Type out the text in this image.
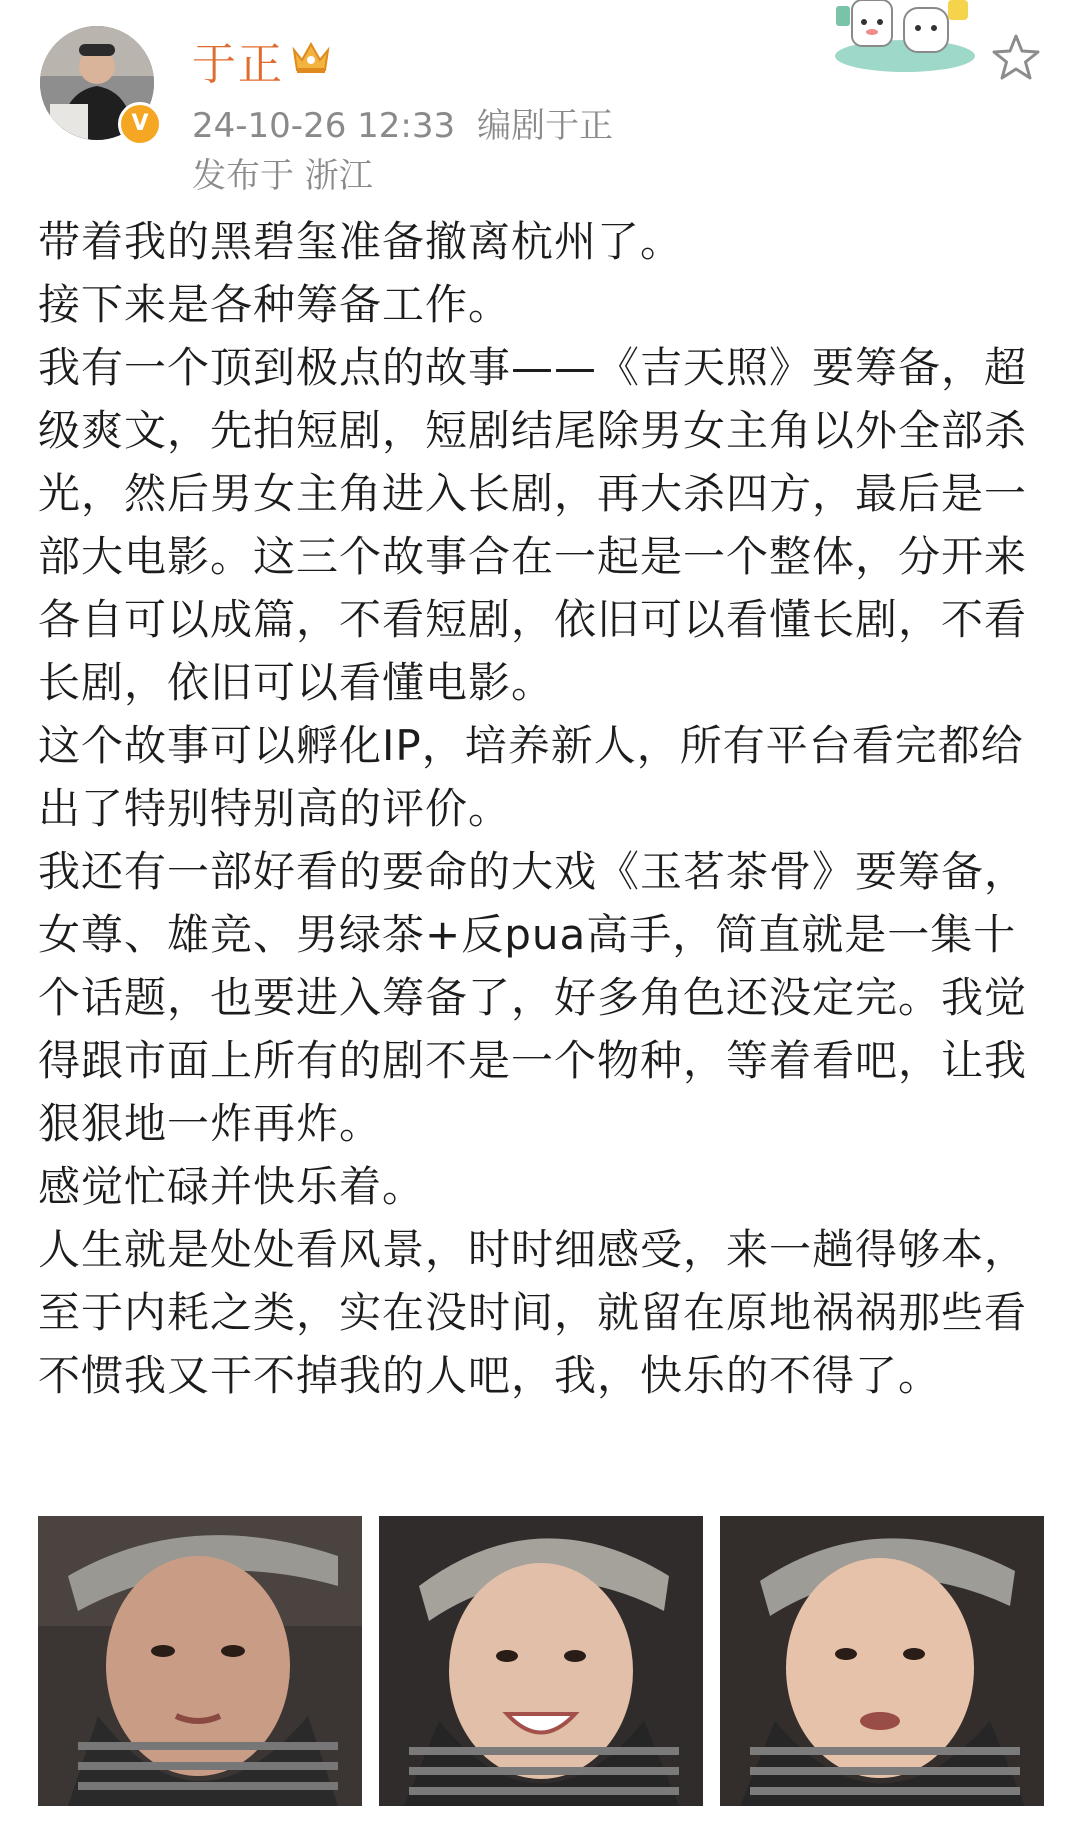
V
于正
24-10-26 12:33 编剧于正
发布于 浙江

带着我的黑碧玺准备撤离杭州了。

接下来是各种筹备工作。

我有一个顶到极点的故事——《吉天照》要筹备，超级爽文，先拍短剧，短剧结尾除男女主角以外全部杀光，然后男女主角进入长剧，再大杀四方，最后是一部大电影。这三个故事合在一起是一个整体，分开来各自可以成篇，不看短剧，依旧可以看懂长剧，不看长剧，依旧可以看懂电影。

这个故事可以孵化IP，培养新人，所有平台看完都给出了特别特别高的评价。

我还有一部好看的要命的大戏《玉茗茶骨》要筹备，女尊、雄竞、男绿茶+反pua高手，简直就是一集十个话题，也要进入筹备了，好多角色还没定完。我觉得跟市面上所有的剧不是一个物种，等着看吧，让我狠狠地一炸再炸。

感觉忙碌并快乐着。

人生就是处处看风景，时时细感受，来一趟得够本，至于内耗之类，实在没时间，就留在原地祸祸那些看不惯我又干不掉我的人吧，我，快乐的不得了。
